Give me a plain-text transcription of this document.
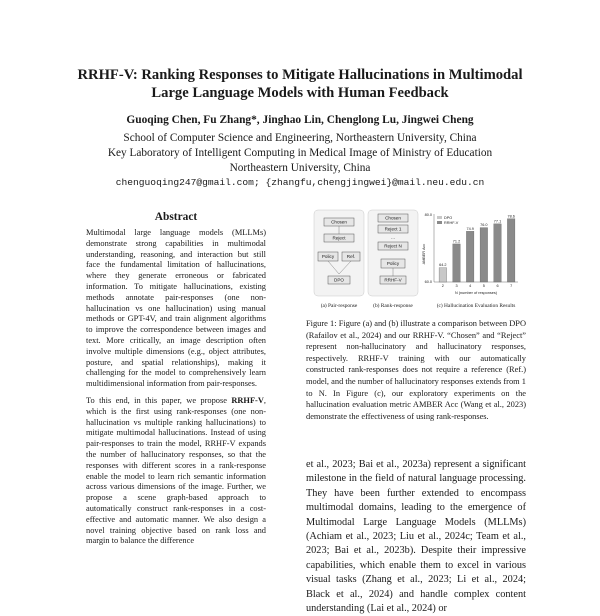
RRHF-V: Ranking Responses to Mitigate Hallucinations in Multimodal
Large Language Models with Human Feedback
Guoqing Chen, Fu Zhang*, Jinghao Lin, Chenglong Lu, Jingwei Cheng
School of Computer Science and Engineering, Northeastern University, China
Key Laboratory of Intelligent Computing in Medical Image of Ministry of Education
Northeastern University, China
chenguoqing247@gmail.com; {zhangfu,chengjingwei}@mail.neu.edu.cn
Abstract

Multimodal large language models (MLLMs) demonstrate strong capabilities in multimodal understanding, reasoning, and interaction but still face the fundamental limitation of hallucinations, where they generate erroneous or fabricated information. To mitigate hallucinations, existing methods annotate pair-responses (one non-hallucination vs one hallucination) using manual methods or GPT-4V, and train alignment algorithms to improve the correspondence between images and text. More critically, an image description often involve multiple dimensions (e.g., object attributes, posture, and spatial relationships), making it challenging for the model to comprehensively learn multidimensional information from pair-responses.

To this end, in this paper, we propose RRHF-V, which is the first using rank-responses (one non-hallucination vs multiple ranking hallucinations) to mitigate multimodal hallucinations. Instead of using pair-responses to train the model, RRHF-V expands the number of hallucinatory responses, so that the responses with different scores in a rank-response enable the model to learn rich semantic information across various dimensions of the image. Further, we propose a scene graph-based approach to automatically construct rank-responses in a cost-effective and automatic manner. We also design a novel training objective based on rank loss and margin to balance the difference

Chosen
Reject
Policy	Ref.
DPO
(a) Pair-response
Chosen
Reject 1
...
Reject N
Policy
RRHF-V
(b) Rank-response
80.0
60.0
AMBER Acc
N (number of responses)
DPO
RRHF-V
64.2
2
71.2
3
74.9
4
76.0
5
77.1
6
78.6
7
(c) Hallucination Evaluation Results
Figure 1: Figure (a) and (b) illustrate a comparison between DPO (Rafailov et al., 2024) and our RRHF-V. “Chosen” and “Reject” represent non-hallucinatory and hallucinatory responses, respectively. RRHF-V training with our automatically constructed rank-responses does not require a reference (Ref.) model, and the number of hallucinatory responses extends from 1 to N. In Figure (c), our exploratory experiments on the hallucination evaluation metric AMBER Acc (Wang et al., 2023) demonstrate the effectiveness of using rank-responses.

et al., 2023; Bai et al., 2023a) represent a significant milestone in the field of natural language processing. They have been further extended to encompass multimodal domains, leading to the emergence of Multimodal Large Language Models (MLLMs) (Achiam et al., 2023; Liu et al., 2024c; Team et al., 2023; Bai et al., 2023b). Despite their impressive capabilities, which enable them to excel in various visual tasks (Zhang et al., 2023; Li et al., 2024; Black et al., 2024) and handle complex content understanding (Lai et al., 2024) or
